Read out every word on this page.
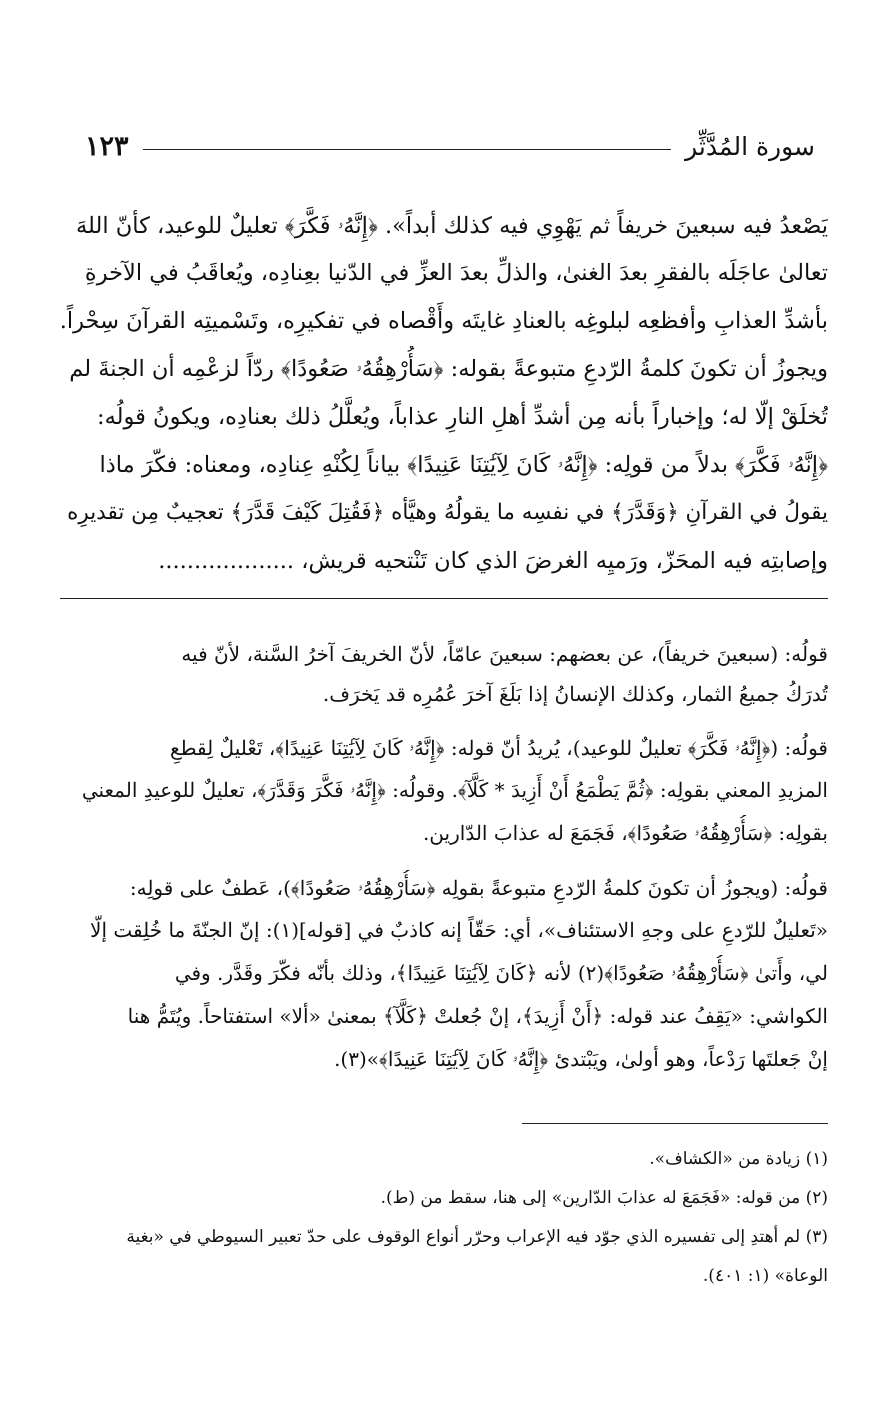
سورة المُدَّثِّر
١٢٣
يَصْعدُ فيه سبعينَ خريفاً ثم يَهْوِي فيه كذلك أبداً». ﴿إِنَّهُۥ فَكَّرَ﴾ تعليلٌ للوعيد، كأنّ اللهَ
تعالىٰ عاجَلَه بالفقرِ بعدَ الغنىٰ، والذلِّ بعدَ العزِّ في الدّنيا بعِنادِه، ويُعاقَبُ في الآخرةِ
بأشدِّ العذابِ وأفظعِه لبلوغِه بالعنادِ غايتَه وأَقْصاه في تفكيرِه، وتَسْميتِه القرآنَ سِحْراً.
ويجوزُ أن تكونَ كلمةُ الرّدعِ متبوعةً بقوله: ﴿سَأُرْهِقُهُۥ صَعُودًا﴾ ردّاً لزعْمِه أن الجنةَ لم
تُخلَقْ إلّا له؛ وإخباراً بأنه مِن أشدِّ أهلِ النارِ عذاباً، ويُعلَّلُ ذلك بعنادِه، ويكونُ قولُه:
﴿إِنَّهُۥ فَكَّرَ﴾ بدلاً من قولِه: ﴿إِنَّهُۥ كَانَ لِآيَٰتِنَا عَنِيدًا﴾ بياناً لِكُنْهِ عِنادِه، ومعناه: فكّرَ ماذا
يقولُ في القرآنِ ﴿وَقَدَّرَ﴾ في نفسِه ما يقولُهُ وهيَّأه ﴿فَقُتِلَ كَيْفَ قَدَّرَ﴾ تعجيبٌ مِن تقديرِه
وإصابتِه فيه المحَزّ، ورَميِه الغرضَ الذي كان تَنْتحيه قريش، ...................
قولُه: (سبعينَ خريفاً)، عن بعضهم: سبعينَ عامّاً، لأنّ الخريفَ آخرُ السَّنة، لأنّ فيه
تُدرَكُ جميعُ الثمار، وكذلك الإنسانُ إذا بَلَغَ آخرَ عُمُرِه قد يَخرَف.
قولُه: (﴿إِنَّهُۥ فَكَّرَ﴾ تعليلٌ للوعيد)، يُريدُ أنّ قوله: ﴿إِنَّهُۥ كَانَ لِآيَٰتِنَا عَنِيدًا﴾، تَعْليلٌ لِقطعِ
المزيدِ المعني بقولِه: ﴿ثُمَّ يَطْمَعُ أَنْ أَزِيدَ * كَلَّآ﴾. وقولُه: ﴿إِنَّهُۥ فَكَّرَ وَقَدَّرَ﴾، تعليلٌ للوعيدِ المعني
بقولِه: ﴿سَأُرْهِقُهُۥ صَعُودًا﴾، فَجَمَعَ له عذابَ الدّارين.
قولُه: (ويجوزُ أن تكونَ كلمةُ الرّدعِ متبوعةً بقولِه ﴿سَأُرْهِقُهُۥ صَعُودًا﴾)، عَطفٌ على قولِه:
«تَعليلٌ للرّدعِ على وجهِ الاستئناف»، أي: حَقّاً إنه كاذبٌ في [قوله](١): إنّ الجنّةَ ما خُلِقت إلّا
لي، وأَتىٰ ﴿سَأُرْهِقُهُۥ صَعُودًا﴾(٢) لأنه ﴿كَانَ لِآيَٰتِنَا عَنِيدًا﴾، وذلك بأنّه فكّرَ وقَدَّر. وفي
الكواشي: «يَقِفُ عند قوله: ﴿أَنْ أَزِيدَ﴾، إنْ جُعلتْ ﴿كَلَّآ﴾ بمعنىٰ «ألا» استفتاحاً. ويُتَمُّ هنا
إنْ جَعلتَها رَدْعاً، وهو أولىٰ، ويَبْتدئ ﴿إِنَّهُۥ كَانَ لِآيَٰتِنَا عَنِيدًا﴾»(٣).
(١) زيادة من «الكشاف».
(٢) من قوله: «فَجَمَعَ له عذابَ الدّارين» إلى هنا، سقط من (ط).
(٣) لم أهتدِ إلى تفسيره الذي جوّد فيه الإعراب وحرّر أنواع الوقوف على حدّ تعبير السيوطي في «بغية
الوعاة» (١: ٤٠١).
